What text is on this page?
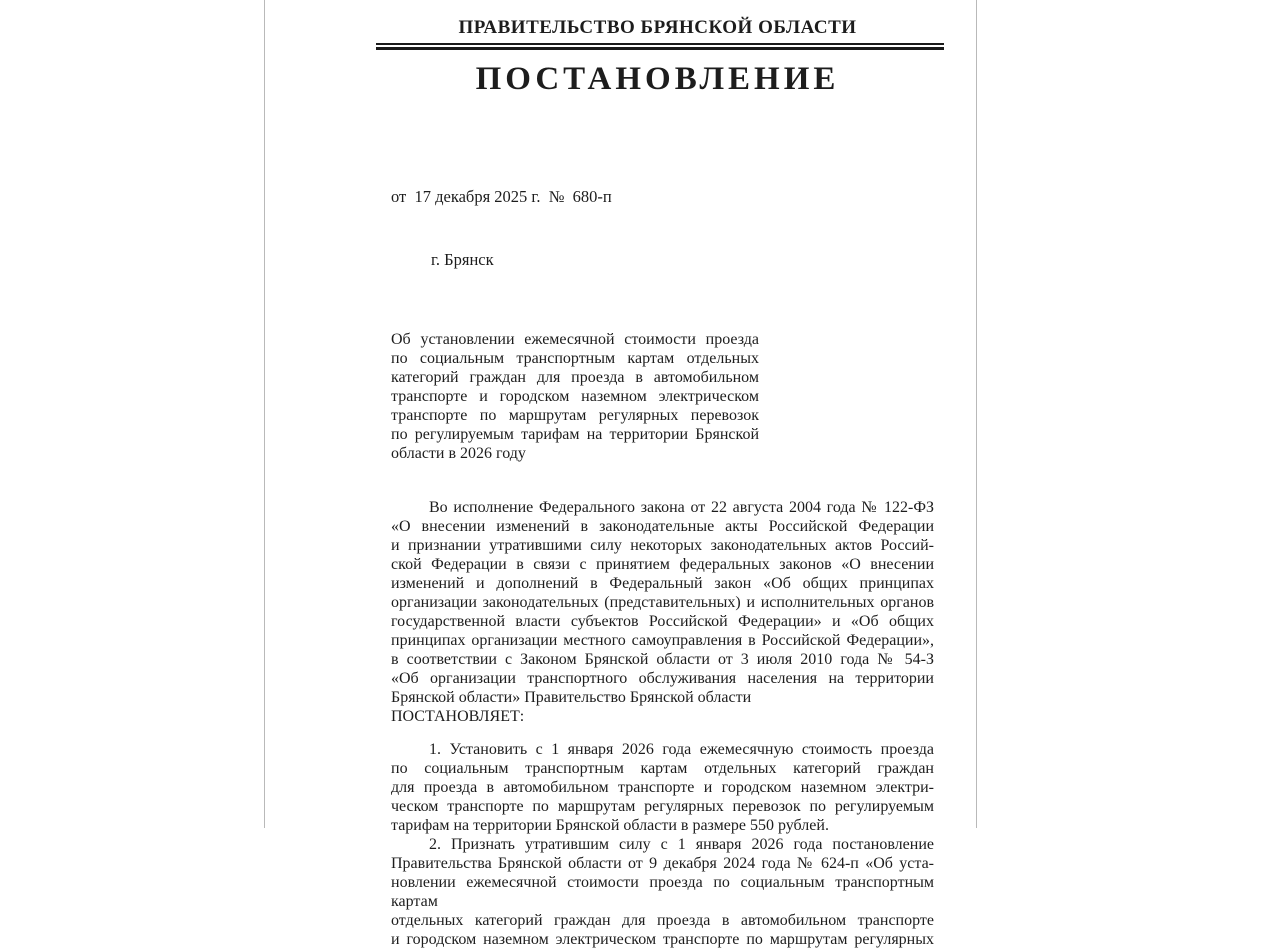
ПРАВИТЕЛЬСТВО БРЯНСКОЙ ОБЛАСТИ
ПОСТАНОВЛЕНИЕ

от  17 декабря 2025 г.  №  680-п

г. Брянск

Об установлении ежемесячной стоимости проезда
по социальным транспортным картам отдельных
категорий граждан для проезда в автомобильном
транспорте и городском наземном электрическом
транспорте по маршрутам регулярных перевозок
по регулируемым тарифам на территории Брянской
области в 2026 году
Во исполнение Федерального закона от 22 августа 2004 года № 122-ФЗ
«О внесении изменений в законодательные акты Российской Федерации
и признании утратившими силу некоторых законодательных актов Россий-
ской Федерации в связи с принятием федеральных законов «О внесении
изменений и дополнений в Федеральный закон «Об общих принципах
организации законодательных (представительных) и исполнительных органов
государственной власти субъектов Российской Федерации» и «Об общих
принципах организации местного самоуправления в Российской Федерации»,
в соответствии с Законом Брянской области от 3 июля 2010 года № 54-З
«Об организации транспортного обслуживания населения на территории
Брянской области» Правительство Брянской области
ПОСТАНОВЛЯЕТ:
1. Установить с 1 января 2026 года ежемесячную стоимость проезда
по социальным транспортным картам отдельных категорий граждан
для проезда в автомобильном транспорте и городском наземном электри-
ческом транспорте по маршрутам регулярных перевозок по регулируемым
тарифам на территории Брянской области в размере 550 рублей.
2. Признать утратившим силу с 1 января 2026 года постановление
Правительства Брянской области от 9 декабря 2024 года № 624-п «Об уста-
новлении ежемесячной стоимости проезда по социальным транспортным картам
отдельных категорий граждан для проезда в автомобильном транспорте
и городском наземном электрическом транспорте по маршрутам регулярных
